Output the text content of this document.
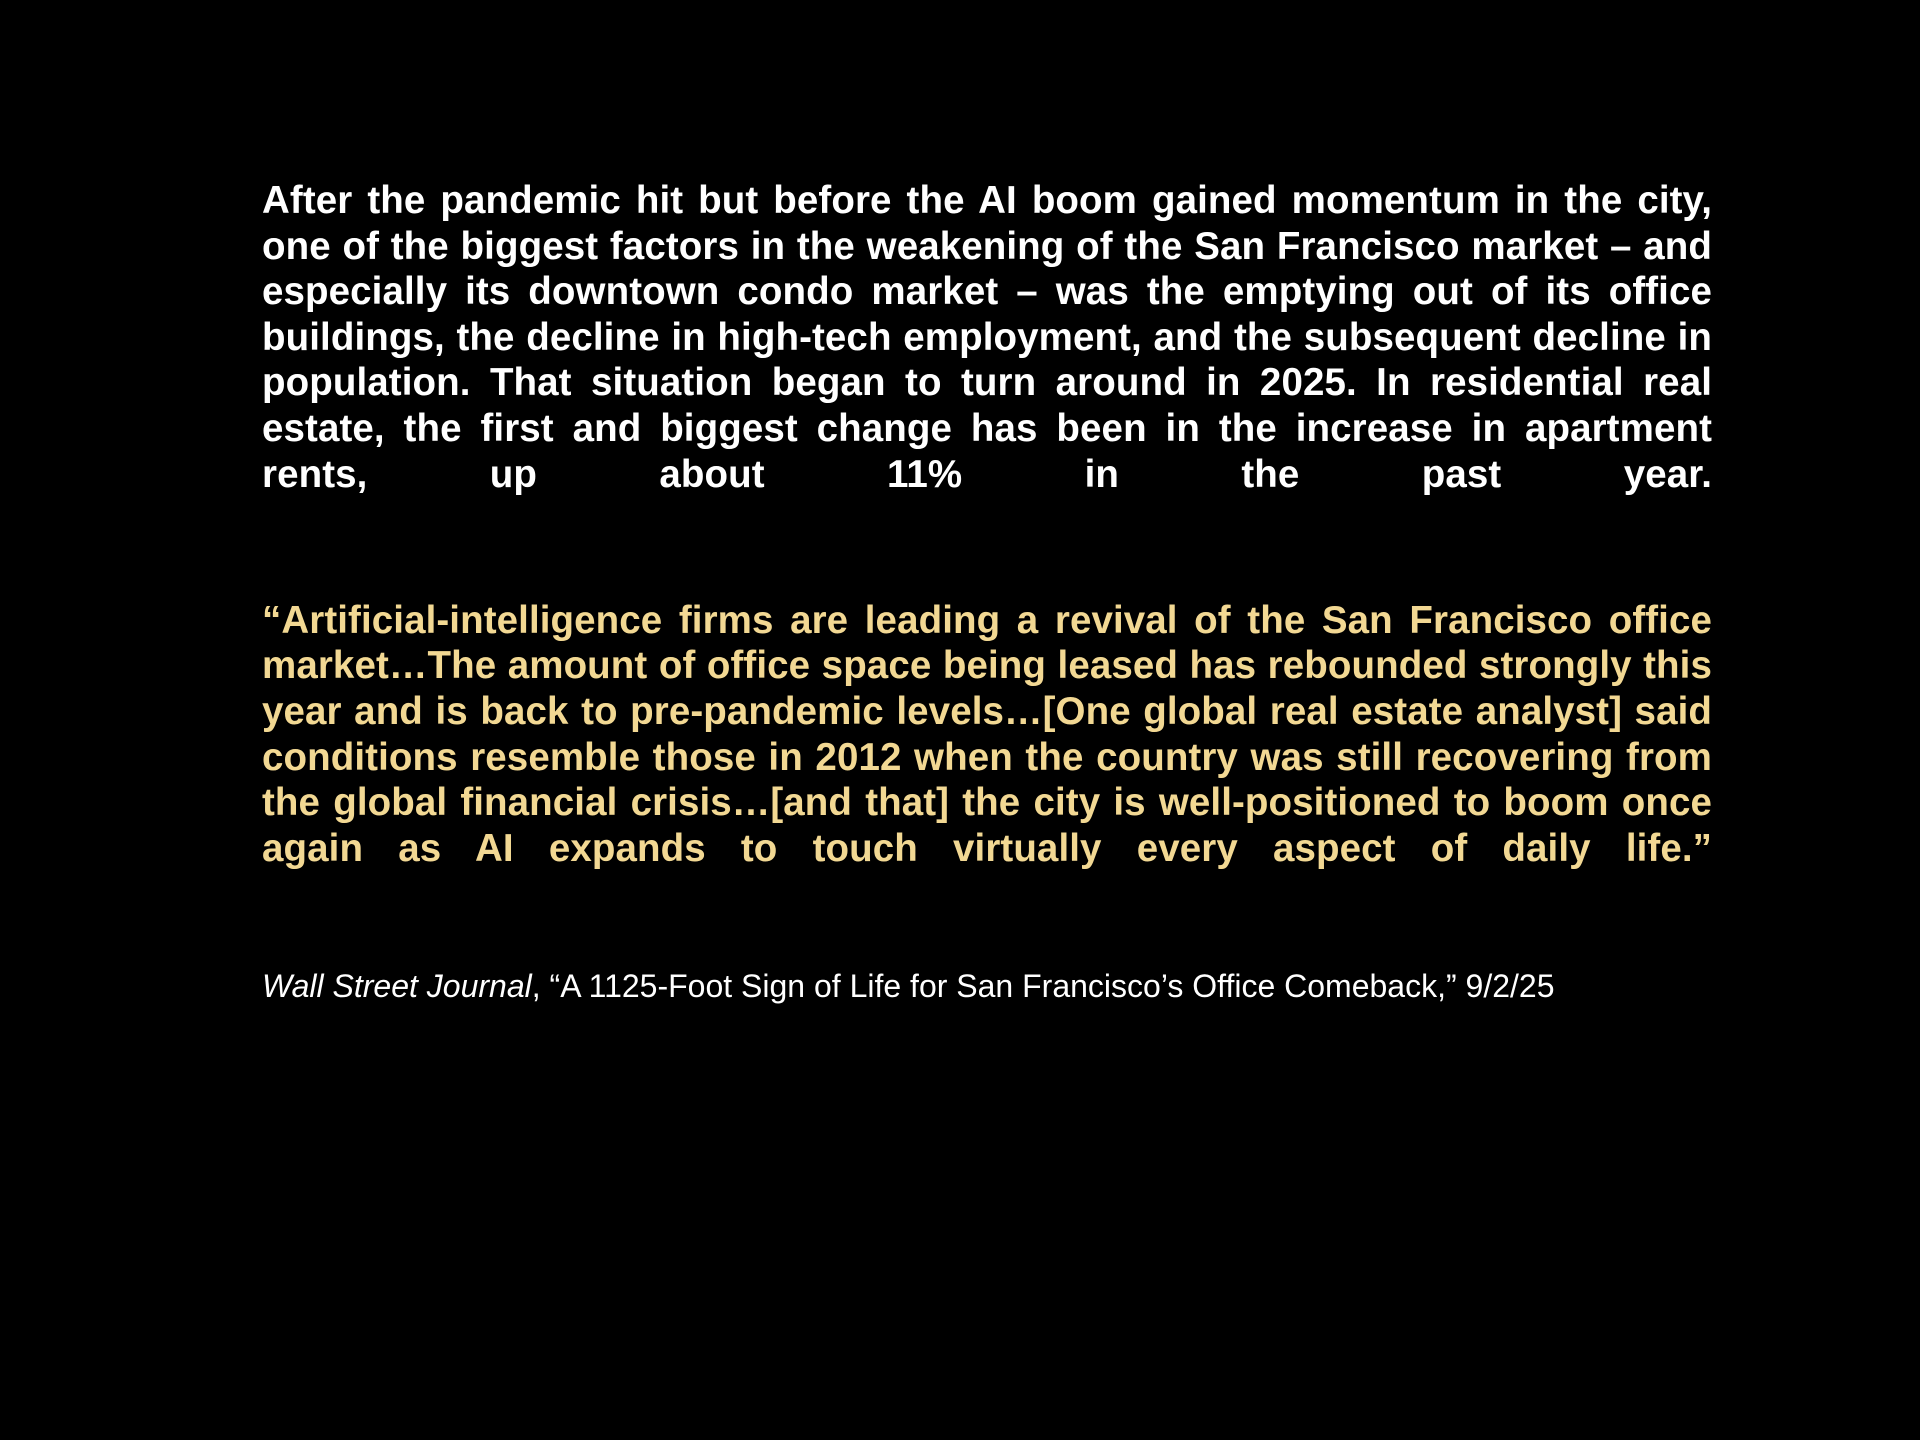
After the pandemic hit but before the AI boom gained momentum in the city, one of the biggest factors in the weakening of the San Francisco market – and especially its downtown condo market – was the emptying out of its office buildings, the decline in high-tech employment, and the subsequent decline in population. That situation began to turn around in 2025. In residential real estate, the first and biggest change has been in the increase in apartment rents, up about 11% in the past year.

“Artificial-intelligence firms are leading a revival of the San Francisco office market…The amount of office space being leased has rebounded strongly this year and is back to pre-pandemic levels…[One global real estate analyst] said conditions resemble those in 2012 when the country was still recovering from the global financial crisis…[and that] the city is well-positioned to boom once again as AI expands to touch virtually every aspect of daily life.”

Wall Street Journal, “A 1125-Foot Sign of Life for San Francisco’s Office Comeback,” 9/2/25
